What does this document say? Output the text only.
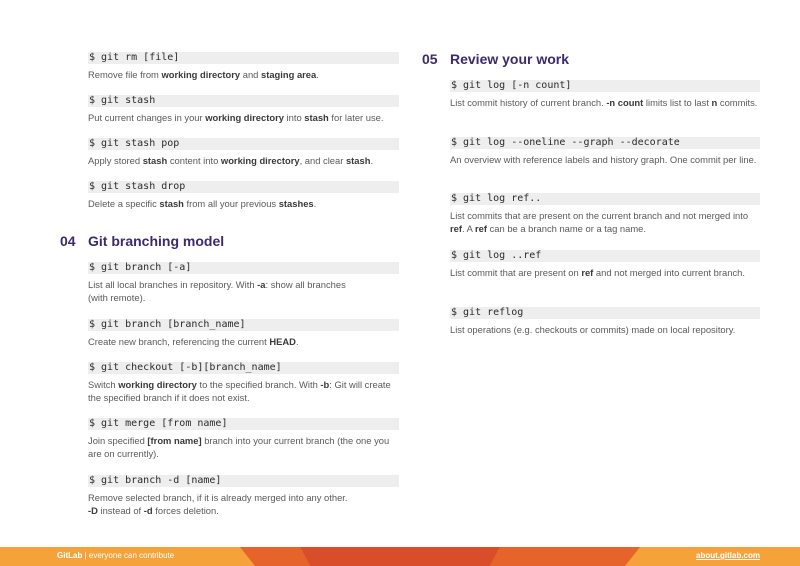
$ git rm [file]
Remove file from working directory and staging area.
$ git stash
Put current changes in your working directory into stash for later use.
$ git stash pop
Apply stored stash content into working directory, and clear stash.
$ git stash drop
Delete a specific stash from all your previous stashes.
04 Git branching model
$ git branch [-a]
List all local branches in repository. With -a: show all branches
(with remote).
$ git branch [branch_name]
Create new branch, referencing the current HEAD.
$ git checkout [-b][branch_name]
Switch working directory to the specified branch. With -b: Git will create the specified branch if it does not exist.
$ git merge [from name]
Join specified [from name] branch into your current branch (the one you are on currently).
$ git branch -d [name]
Remove selected branch, if it is already merged into any other.
-D instead of -d forces deletion.
05 Review your work
$ git log [-n count]
List commit history of current branch. -n count limits list to last n commits.
$ git log --oneline --graph --decorate
An overview with reference labels and history graph. One commit per line.
$ git log ref..
List commits that are present on the current branch and not merged into ref. A ref can be a branch name or a tag name.
$ git log ..ref
List commit that are present on ref and not merged into current branch.
$ git reflog
List operations (e.g. checkouts or commits) made on local repository.
GitLab | everyone can contribute	about.gitlab.com
